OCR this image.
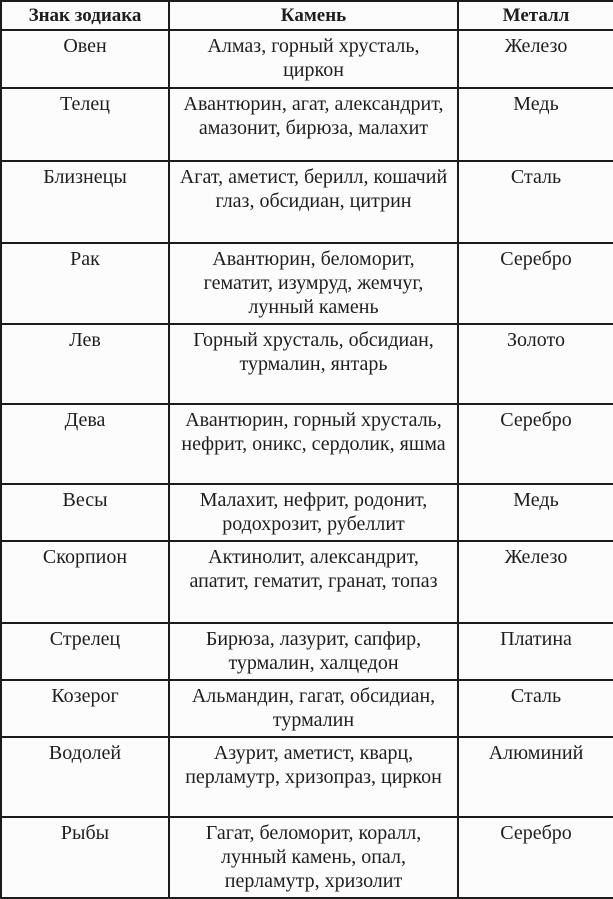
Знак зодиака	Камень	Металл
Овен	Алмаз, горный хрусталь, циркон	Железо
Телец	Авантюрин, агат, александрит, амазонит, бирюза, малахит	Медь
Близнецы	Агат, аметист, берилл, кошачий глаз, обсидиан, цитрин	Сталь
Рак	Авантюрин, беломорит, гематит, изумруд, жемчуг, лунный камень	Серебро
Лев	Горный хрусталь, обсидиан, турмалин, янтарь	Золото
Дева	Авантюрин, горный хрусталь, нефрит, оникс, сердолик, яшма	Серебро
Весы	Малахит, нефрит, родонит, родохрозит, рубеллит	Медь
Скорпион	Актинолит, александрит, апатит, гематит, гранат, топаз	Железо
Стрелец	Бирюза, лазурит, сапфир, турмалин, халцедон	Платина
Козерог	Альмандин, гагат, обсидиан, турмалин	Сталь
Водолей	Азурит, аметист, кварц, перламутр, хризопраз, циркон	Алюминий
Рыбы	Гагат, беломорит, коралл, лунный камень, опал, перламутр, хризолит	Серебро
